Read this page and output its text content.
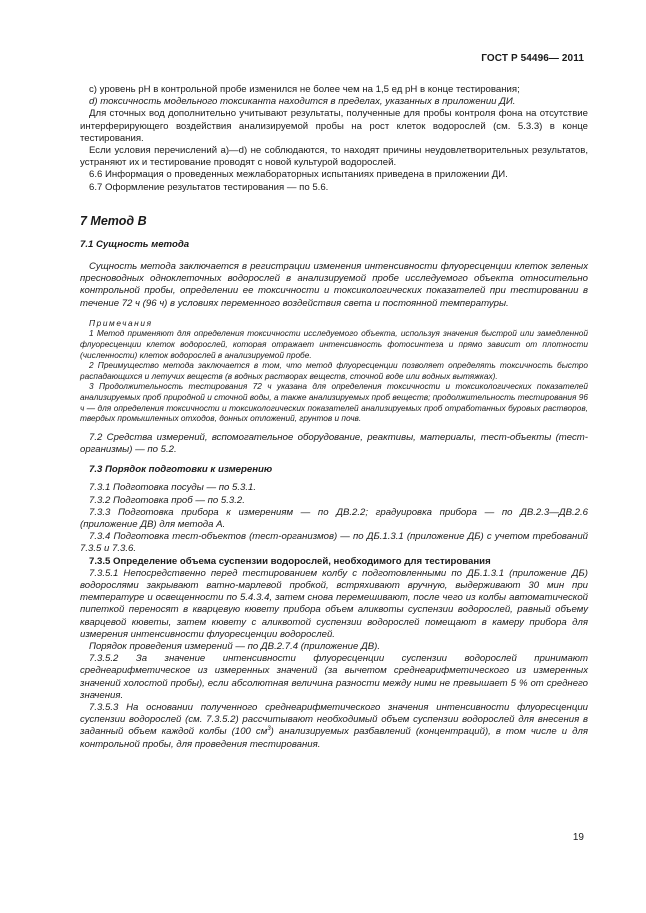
ГОСТ Р 54496— 2011

c) уровень pH в контрольной пробе изменился не более чем на 1,5 ед pH в конце тестирования;

d) токсичность модельного токсиканта находится в пределах, указанных в приложении ДИ.

Для сточных вод дополнительно учитывают результаты, полученные для пробы контроля фона на отсутствие интерферирующего воздействия анализируемой пробы на рост клеток водорослей (см. 5.3.3) в конце тестирования.

Если условия перечислений a)—d) не соблюдаются, то находят причины неудовлетворительных результатов, устраняют их и тестирование проводят с новой культурой водорослей.

6.6 Информация о проведенных межлабораторных испытаниях приведена в приложении ДИ.

6.7 Оформление результатов тестирования — по 5.6.

7 Метод В

7.1 Сущность метода

Сущность метода заключается в регистрации изменения интенсивности флуоресценции клеток зеленых пресноводных одноклеточных водорослей в анализируемой пробе исследуемого объекта относительно контрольной пробы, определении ее токсичности и токсикологических показателей при тестировании в течение 72 ч (96 ч) в условиях переменного воздействия света и постоянной температуры.

Примечания

1 Метод применяют для определения токсичности исследуемого объекта, используя значения быстрой или замедленной флуоресценции клеток водорослей, которая отражает интенсивность фотосинтеза и прямо зависит от плотности (численности) клеток водорослей в анализируемой пробе.

2 Преимущество метода заключается в том, что метод флуоресценции позволяет определять токсичность быстро распадающихся и летучих веществ (в водных растворах веществ, сточной воде или водных вытяжках).

3 Продолжительность тестирования 72 ч указана для определения токсичности и токсикологических показателей анализируемых проб природной и сточной воды, а также анализируемых проб веществ; продолжительность тестирования 96 ч — для определения токсичности и токсикологических показателей анализируемых проб отработанных буровых растворов, твердых промышленных отходов, донных отложений, грунтов и почв.

7.2 Средства измерений, вспомогательное оборудование, реактивы, материалы, тест-объекты (тест-организмы) — по 5.2.

7.3 Порядок подготовки к измерению

7.3.1 Подготовка посуды — по 5.3.1.

7.3.2 Подготовка проб — по 5.3.2.

7.3.3 Подготовка прибора к измерениям — по ДВ.2.2; градуировка прибора — по ДВ.2.3—ДВ.2.6 (приложение ДВ) для метода А.

7.3.4 Подготовка тест-объектов (тест-организмов) — по ДБ.1.3.1 (приложение ДБ) с учетом требований 7.3.5 и 7.3.6.

7.3.5 Определение объема суспензии водорослей, необходимого для тестирования

7.3.5.1 Непосредственно перед тестированием колбу с подготовленными по ДБ.1.3.1 (приложение ДБ) водорослями закрывают ватно-марлевой пробкой, встряхивают вручную, выдерживают 30 мин при температуре и освещенности по 5.4.3.4, затем снова перемешивают, после чего из колбы автоматической пипеткой переносят в кварцевую кювету прибора объем аликвоты суспензии водорослей, равный объему кварцевой кюветы, затем кювету с аликвотой суспензии водорослей помещают в камеру прибора для измерения интенсивности флуоресценции водорослей.

Порядок проведения измерений — по ДВ.2.7.4 (приложение ДВ).

7.3.5.2 За значение интенсивности флуоресценции суспензии водорослей принимают среднеарифметическое из измеренных значений (за вычетом среднеарифметического из измеренных значений холостой пробы), если абсолютная величина разности между ними не превышает 5 % от среднего значения.

7.3.5.3 На основании полученного среднеарифметического значения интенсивности флуоресценции суспензии водорослей (см. 7.3.5.2) рассчитывают необходимый объем суспензии водорослей для внесения в заданный объем каждой колбы (100 $см^3$) анализируемых разбавлений (концентраций), в том числе и для контрольной пробы, для проведения тестирования.

19
